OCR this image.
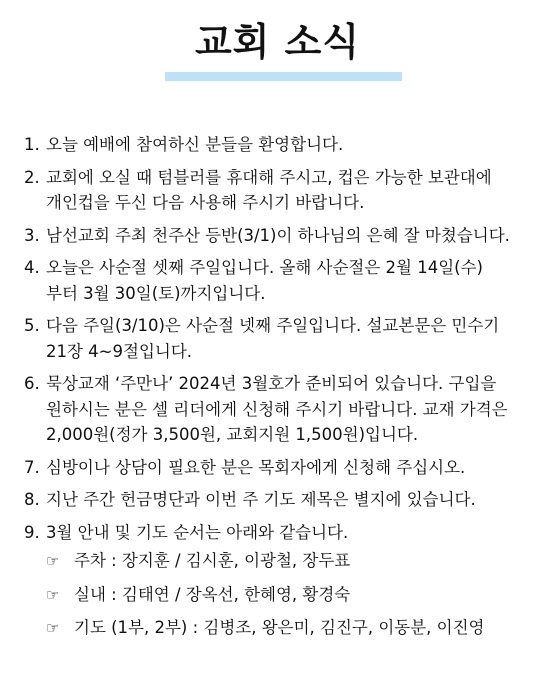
교회 소식
1. 오늘 예배에 참여하신 분들을 환영합니다.
2. 교회에 오실 때 텀블러를 휴대해 주시고, 컵은 가능한 보관대에
개인컵을 두신 다음 사용해 주시기 바랍니다.
3. 남선교회 주최 천주산 등반(3/1)이 하나님의 은혜 잘 마쳤습니다.
4. 오늘은 사순절 셋째 주일입니다. 올해 사순절은 2월 14일(수)
부터 3월 30일(토)까지입니다.
5. 다음 주일(3/10)은 사순절 넷째 주일입니다. 설교본문은 민수기
21장 4~9절입니다.
6. 묵상교재 ‘주만나’ 2024년 3월호가 준비되어 있습니다. 구입을
원하시는 분은 셀 리더에게 신청해 주시기 바랍니다. 교재 가격은
2,000원(정가 3,500원, 교회지원 1,500원)입니다.
7. 심방이나 상담이 필요한 분은 목회자에게 신청해 주십시오.
8. 지난 주간 헌금명단과 이번 주 기도 제목은 별지에 있습니다.
9. 3월 안내 및 기도 순서는 아래와 같습니다.
☞ 주차 : 장지훈 / 김시훈, 이광철, 장두표
☞ 실내 : 김태연 / 장옥선, 한혜영, 황경숙
☞ 기도 (1부, 2부) : 김병조, 왕은미, 김진구, 이동분, 이진영
